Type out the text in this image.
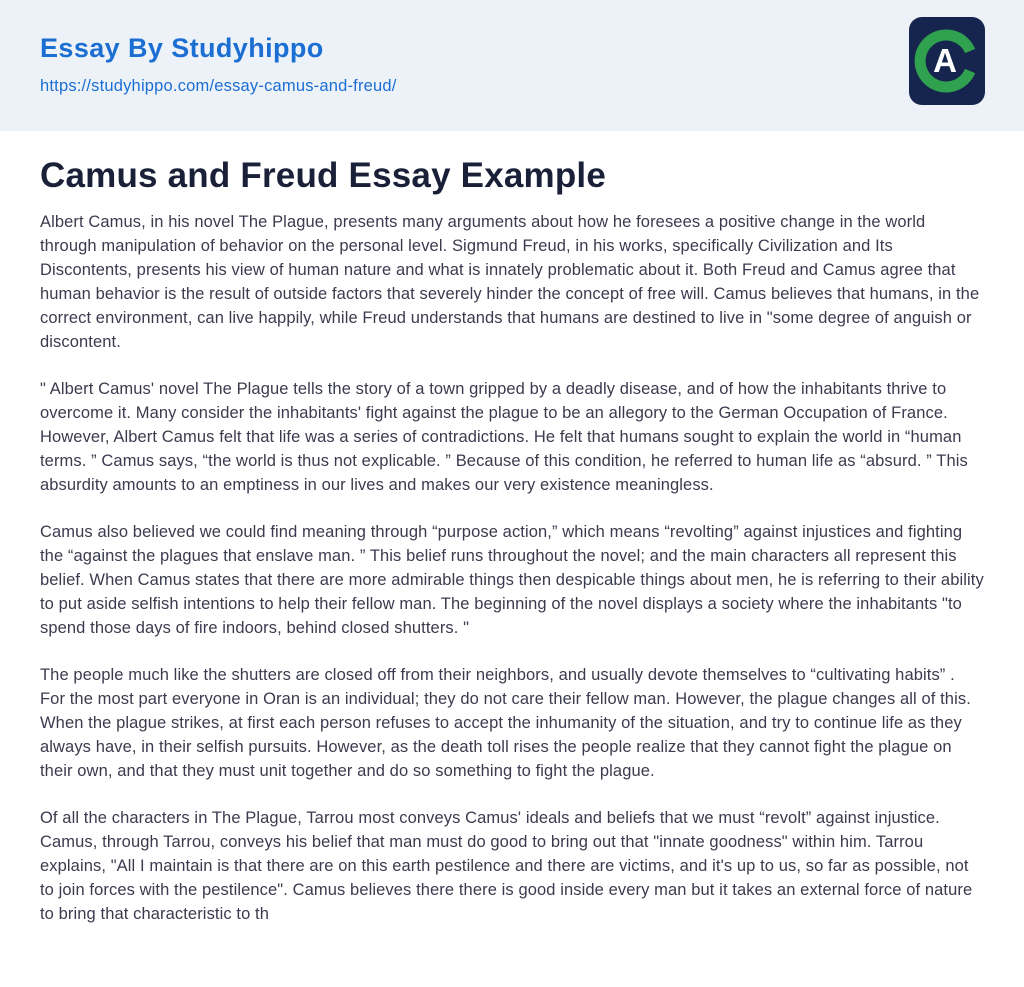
Essay By Studyhippo
https://studyhippo.com/essay-camus-and-freud/
A
Camus and Freud Essay Example

Albert Camus, in his novel The Plague, presents many arguments about how he foresees a positive change in the world through manipulation of behavior on the personal level. Sigmund Freud, in his works, specifically Civilization and Its Discontents, presents his view of human nature and what is innately problematic about it. Both Freud and Camus agree that human behavior is the result of outside factors that severely hinder the concept of free will. Camus believes that humans, in the correct environment, can live happily, while Freud understands that humans are destined to live in "some degree of anguish or discontent.

" Albert Camus' novel The Plague tells the story of a town gripped by a deadly disease, and of how the inhabitants thrive to overcome it. Many consider the inhabitants' fight against the plague to be an allegory to the German Occupation of France. However, Albert Camus felt that life was a series of contradictions. He felt that humans sought to explain the world in “human terms. ” Camus says, “the world is thus not explicable. ” Because of this condition, he referred to human life as “absurd. ” This absurdity amounts to an emptiness in our lives and makes our very existence meaningless.

Camus also believed we could find meaning through “purpose action,” which means “revolting” against injustices and fighting the “against the plagues that enslave man. ” This belief runs throughout the novel; and the main characters all represent this belief. When Camus states that there are more admirable things then despicable things about men, he is referring to their ability to put aside selfish intentions to help their fellow man. The beginning of the novel displays a society where the inhabitants "to spend those days of fire indoors, behind closed shutters. "

The people much like the shutters are closed off from their neighbors, and usually devote themselves to “cultivating habits” . For the most part everyone in Oran is an individual; they do not care their fellow man. However, the plague changes all of this. When the plague strikes, at first each person refuses to accept the inhumanity of the situation, and try to continue life as they always have, in their selfish pursuits. However, as the death toll rises the people realize that they cannot fight the plague on their own, and that they must unit together and do so something to fight the plague.

Of all the characters in The Plague, Tarrou most conveys Camus' ideals and beliefs that we must “revolt” against injustice. Camus, through Tarrou, conveys his belief that man must do good to bring out that "innate goodness" within him. Tarrou explains, "All I maintain is that there are on this earth pestilence and there are victims, and it's up to us, so far as possible, not to join forces with the pestilence". Camus believes there there is good inside every man but it takes an external force of nature to bring that characteristic to th
